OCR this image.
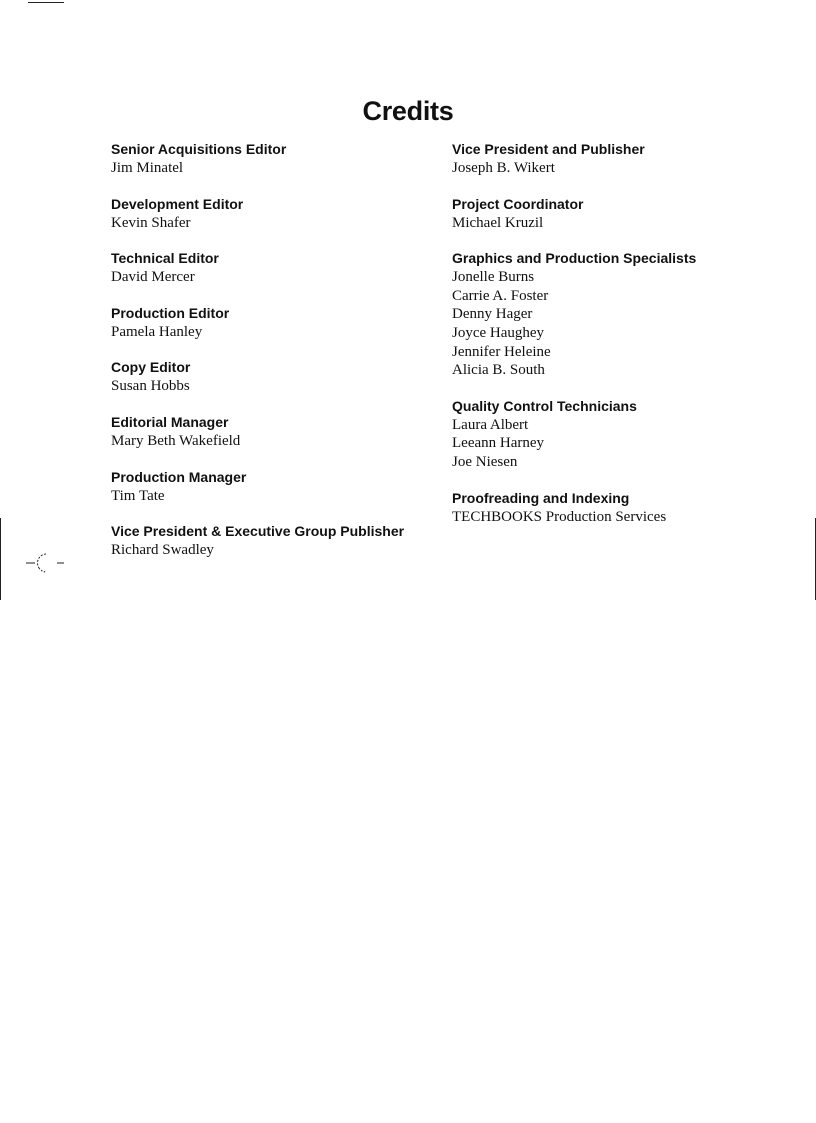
Credits
Senior Acquisitions Editor
Jim Minatel
Development Editor
Kevin Shafer
Technical Editor
David Mercer
Production Editor
Pamela Hanley
Copy Editor
Susan Hobbs
Editorial Manager
Mary Beth Wakefield
Production Manager
Tim Tate
Vice President & Executive Group Publisher
Richard Swadley
Vice President and Publisher
Joseph B. Wikert
Project Coordinator
Michael Kruzil
Graphics and Production Specialists
Jonelle Burns
Carrie A. Foster
Denny Hager
Joyce Haughey
Jennifer Heleine
Alicia B. South
Quality Control Technicians
Laura Albert
Leeann Harney
Joe Niesen
Proofreading and Indexing
TECHBOOKS Production Services
